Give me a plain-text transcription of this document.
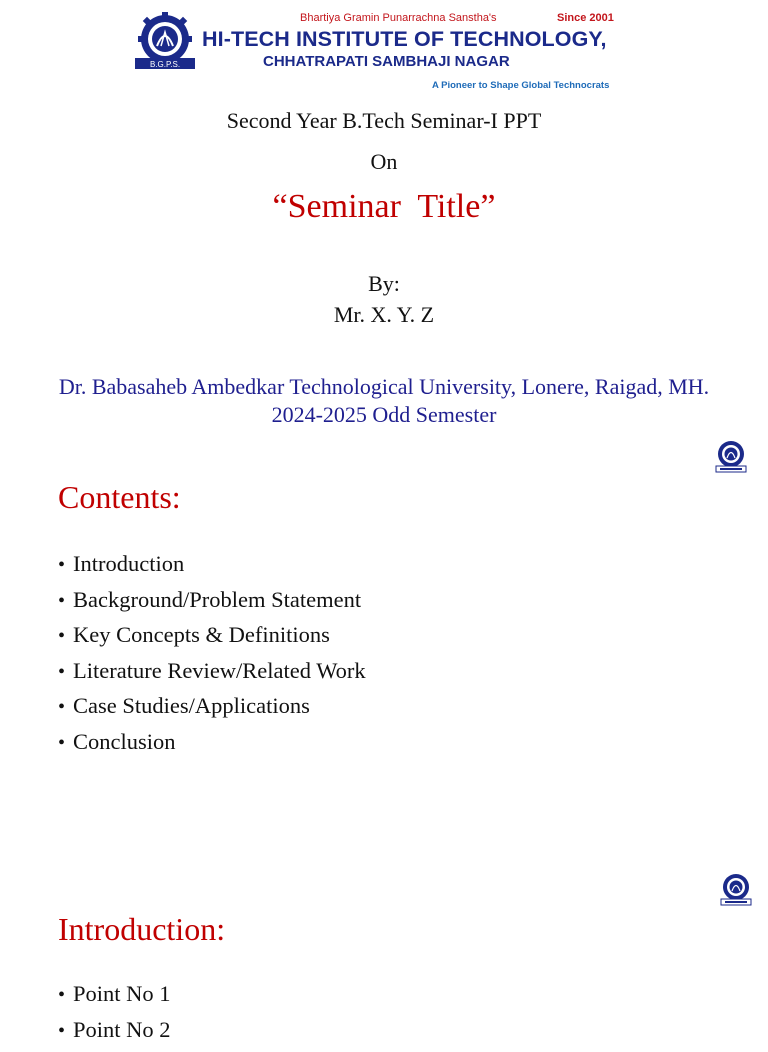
B.G.P.S.
Bhartiya Gramin Punarrachna Sanstha's	Since 2001
HI-TECH INSTITUTE OF TECHNOLOGY,
CHHATRAPATI SAMBHAJI NAGAR
A Pioneer to Shape Global Technocrats
Second Year B.Tech Seminar-I PPT
On
“Seminar  Title”
By:
Mr. X. Y. Z
Dr. Babasaheb Ambedkar Technological University, Lonere, Raigad, MH.
2024-2025 Odd Semester
Contents:
• Introduction
• Background/Problem Statement
• Key Concepts & Definitions
• Literature Review/Related Work
• Case Studies/Applications
• Conclusion
Introduction:
• Point No 1
• Point No 2
